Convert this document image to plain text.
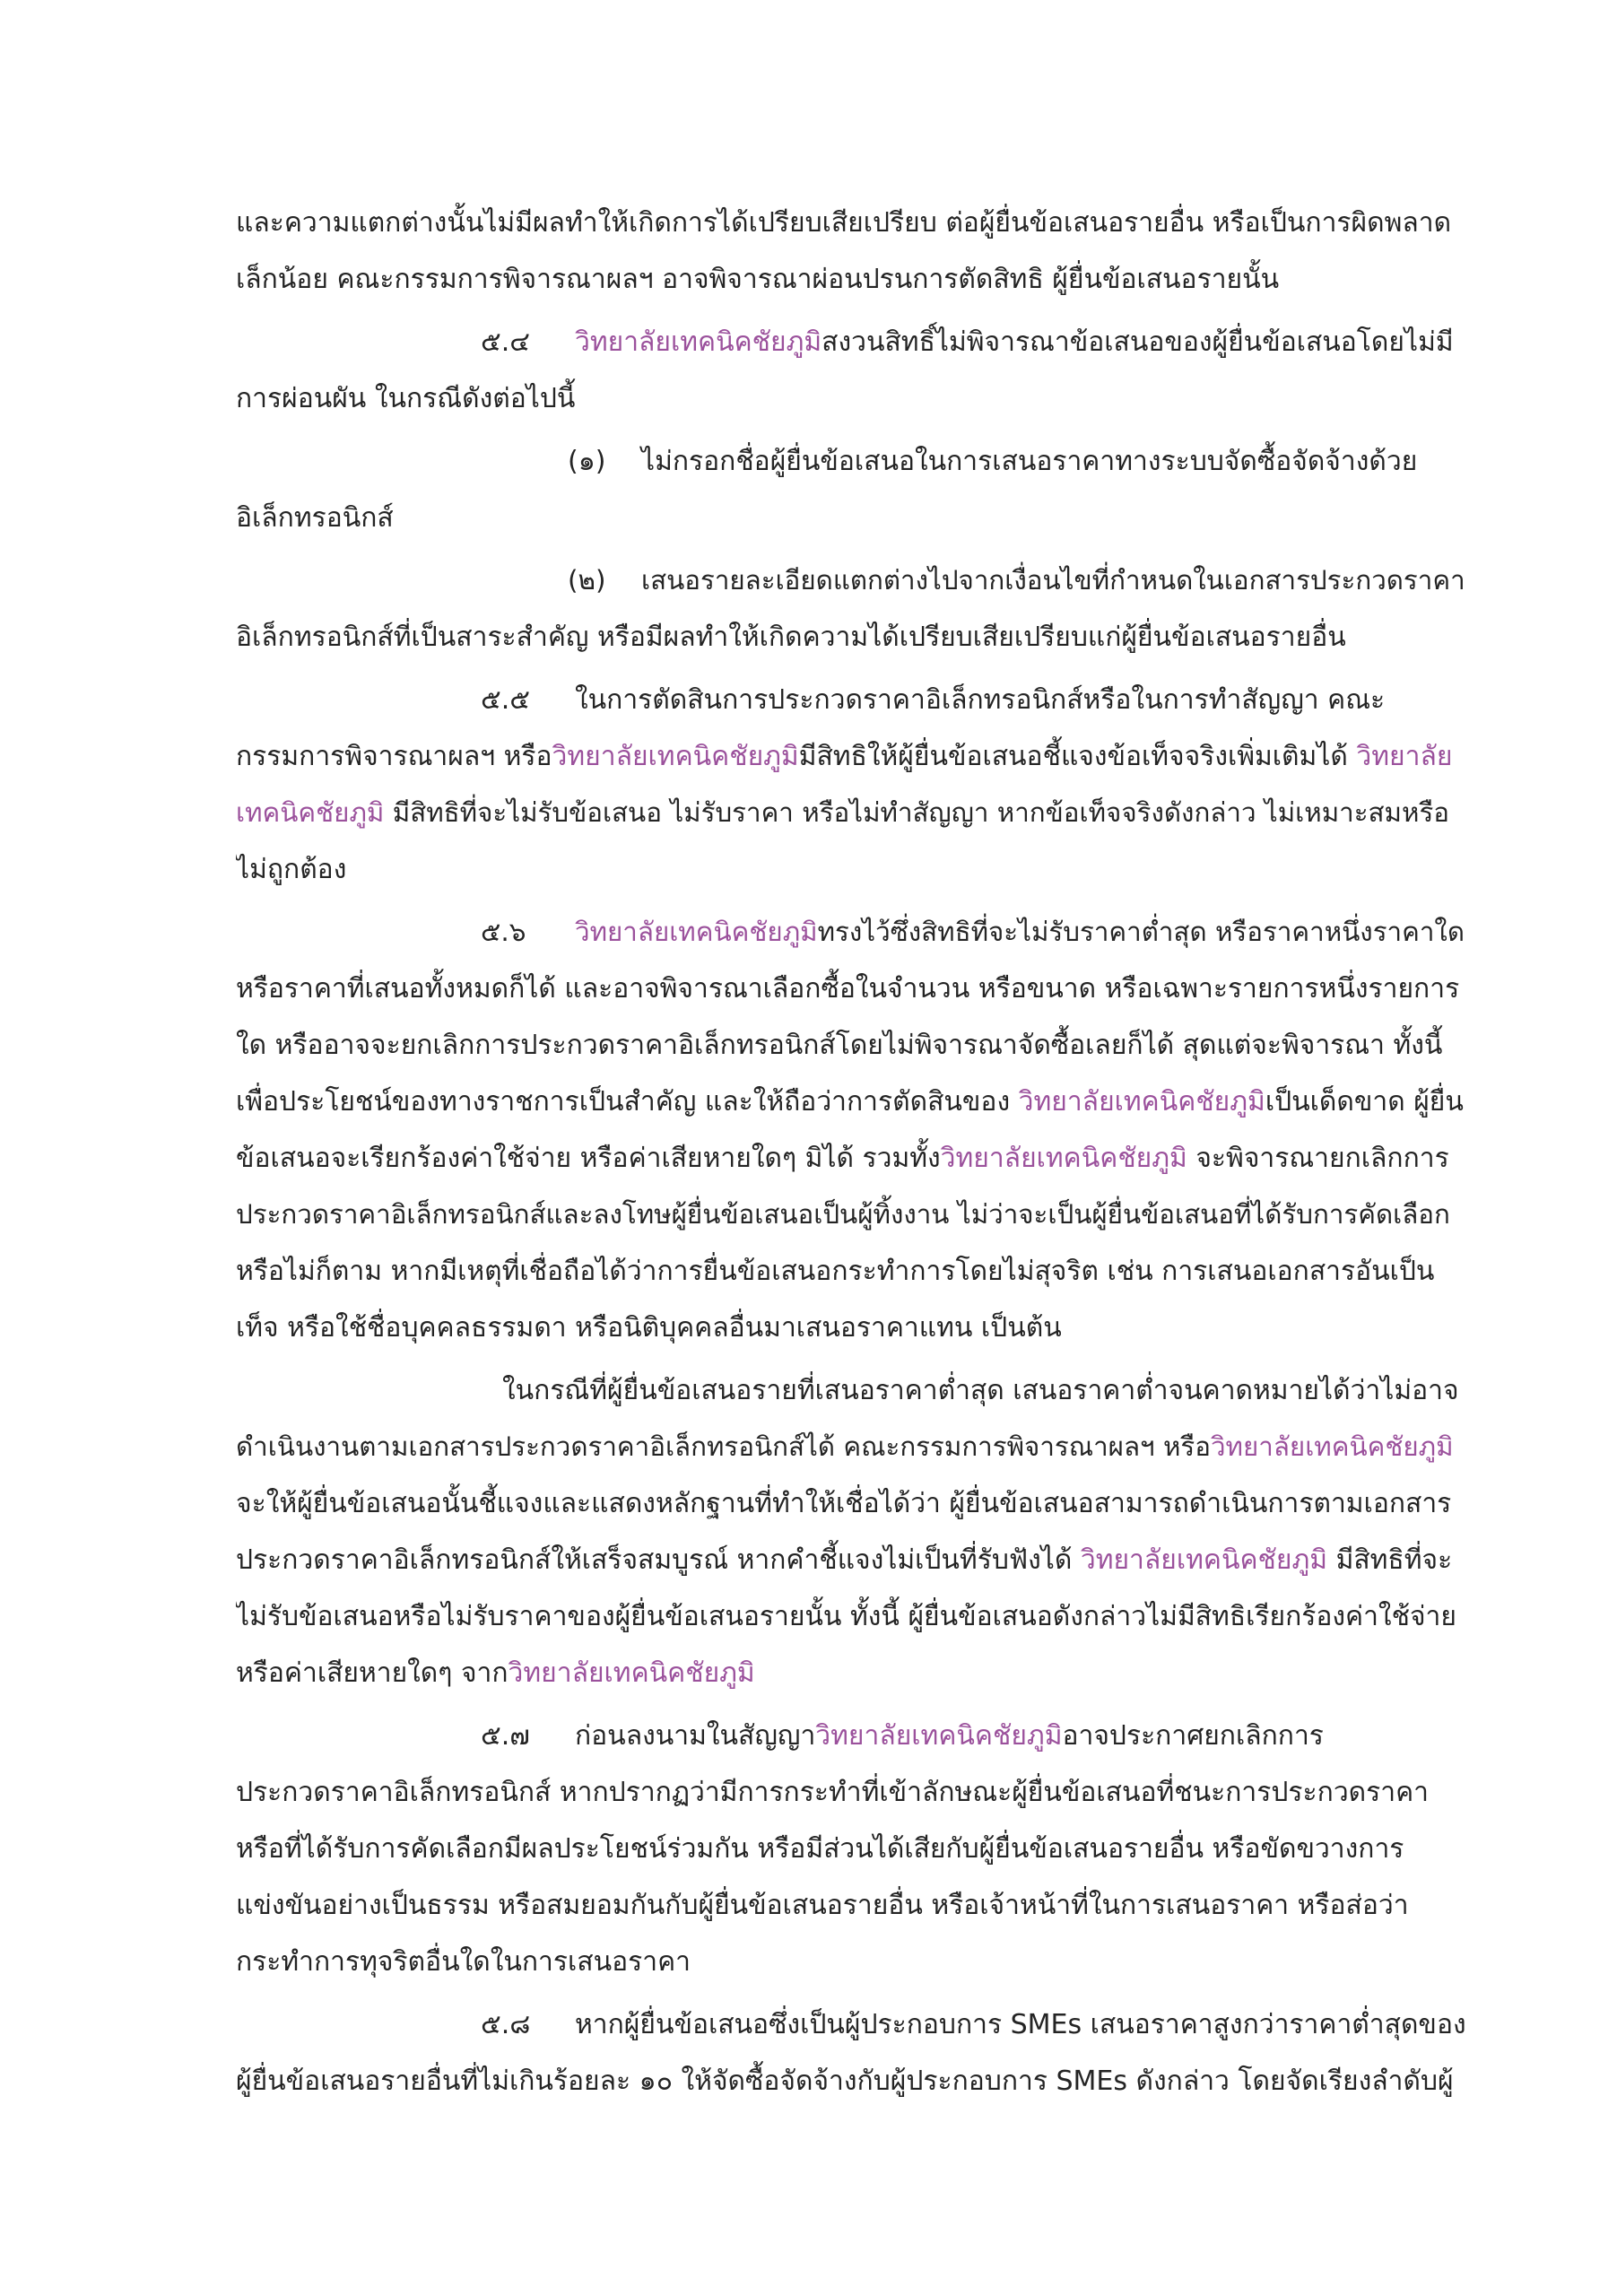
และความแตกต่างนั้นไม่มีผลทำให้เกิดการได้เปรียบเสียเปรียบ ต่อผู้ยื่นข้อเสนอรายอื่น หรือเป็นการผิดพลาด
เล็กน้อย คณะกรรมการพิจารณาผลฯ อาจพิจารณาผ่อนปรนการตัดสิทธิ ผู้ยื่นข้อเสนอรายนั้น
๕.๔ วิทยาลัยเทคนิคชัยภูมิสงวนสิทธิ์ไม่พิจารณาข้อเสนอของผู้ยื่นข้อเสนอโดยไม่มี
การผ่อนผัน ในกรณีดังต่อไปนี้
(๑) ไม่กรอกชื่อผู้ยื่นข้อเสนอในการเสนอราคาทางระบบจัดซื้อจัดจ้างด้วย
อิเล็กทรอนิกส์
(๒) เสนอรายละเอียดแตกต่างไปจากเงื่อนไขที่กำหนดในเอกสารประกวดราคา
อิเล็กทรอนิกส์ที่เป็นสาระสำคัญ หรือมีผลทำให้เกิดความได้เปรียบเสียเปรียบแก่ผู้ยื่นข้อเสนอรายอื่น
๕.๕ ในการตัดสินการประกวดราคาอิเล็กทรอนิกส์หรือในการทำสัญญา คณะ
กรรมการพิจารณาผลฯ หรือวิทยาลัยเทคนิคชัยภูมิมีสิทธิให้ผู้ยื่นข้อเสนอชี้แจงข้อเท็จจริงเพิ่มเติมได้ วิทยาลัย
เทคนิคชัยภูมิ มีสิทธิที่จะไม่รับข้อเสนอ ไม่รับราคา หรือไม่ทำสัญญา หากข้อเท็จจริงดังกล่าว ไม่เหมาะสมหรือ
ไม่ถูกต้อง
๕.๖ วิทยาลัยเทคนิคชัยภูมิทรงไว้ซึ่งสิทธิที่จะไม่รับราคาต่ำสุด หรือราคาหนึ่งราคาใด
หรือราคาที่เสนอทั้งหมดก็ได้ และอาจพิจารณาเลือกซื้อในจำนวน หรือขนาด หรือเฉพาะรายการหนึ่งรายการ
ใด หรืออาจจะยกเลิกการประกวดราคาอิเล็กทรอนิกส์โดยไม่พิจารณาจัดซื้อเลยก็ได้ สุดแต่จะพิจารณา ทั้งนี้
เพื่อประโยชน์ของทางราชการเป็นสำคัญ และให้ถือว่าการตัดสินของ วิทยาลัยเทคนิคชัยภูมิเป็นเด็ดขาด ผู้ยื่น
ข้อเสนอจะเรียกร้องค่าใช้จ่าย หรือค่าเสียหายใดๆ มิได้ รวมทั้งวิทยาลัยเทคนิคชัยภูมิ จะพิจารณายกเลิกการ
ประกวดราคาอิเล็กทรอนิกส์และลงโทษผู้ยื่นข้อเสนอเป็นผู้ทิ้งงาน ไม่ว่าจะเป็นผู้ยื่นข้อเสนอที่ได้รับการคัดเลือก
หรือไม่ก็ตาม หากมีเหตุที่เชื่อถือได้ว่าการยื่นข้อเสนอกระทำการโดยไม่สุจริต เช่น การเสนอเอกสารอันเป็น
เท็จ หรือใช้ชื่อบุคคลธรรมดา หรือนิติบุคคลอื่นมาเสนอราคาแทน เป็นต้น
ในกรณีที่ผู้ยื่นข้อเสนอรายที่เสนอราคาต่ำสุด เสนอราคาต่ำจนคาดหมายได้ว่าไม่อาจ
ดำเนินงานตามเอกสารประกวดราคาอิเล็กทรอนิกส์ได้ คณะกรรมการพิจารณาผลฯ หรือวิทยาลัยเทคนิคชัยภูมิ
จะให้ผู้ยื่นข้อเสนอนั้นชี้แจงและแสดงหลักฐานที่ทำให้เชื่อได้ว่า ผู้ยื่นข้อเสนอสามารถดำเนินการตามเอกสาร
ประกวดราคาอิเล็กทรอนิกส์ให้เสร็จสมบูรณ์ หากคำชี้แจงไม่เป็นที่รับฟังได้ วิทยาลัยเทคนิคชัยภูมิ มีสิทธิที่จะ
ไม่รับข้อเสนอหรือไม่รับราคาของผู้ยื่นข้อเสนอรายนั้น ทั้งนี้ ผู้ยื่นข้อเสนอดังกล่าวไม่มีสิทธิเรียกร้องค่าใช้จ่าย
หรือค่าเสียหายใดๆ จากวิทยาลัยเทคนิคชัยภูมิ
๕.๗ ก่อนลงนามในสัญญาวิทยาลัยเทคนิคชัยภูมิอาจประกาศยกเลิกการ
ประกวดราคาอิเล็กทรอนิกส์ หากปรากฏว่ามีการกระทำที่เข้าลักษณะผู้ยื่นข้อเสนอที่ชนะการประกวดราคา
หรือที่ได้รับการคัดเลือกมีผลประโยชน์ร่วมกัน หรือมีส่วนได้เสียกับผู้ยื่นข้อเสนอรายอื่น หรือขัดขวางการ
แข่งขันอย่างเป็นธรรม หรือสมยอมกันกับผู้ยื่นข้อเสนอรายอื่น หรือเจ้าหน้าที่ในการเสนอราคา หรือส่อว่า
กระทำการทุจริตอื่นใดในการเสนอราคา
๕.๘ หากผู้ยื่นข้อเสนอซึ่งเป็นผู้ประกอบการ SMEs เสนอราคาสูงกว่าราคาต่ำสุดของ
ผู้ยื่นข้อเสนอรายอื่นที่ไม่เกินร้อยละ ๑๐ ให้จัดซื้อจัดจ้างกับผู้ประกอบการ SMEs ดังกล่าว โดยจัดเรียงลำดับผู้
